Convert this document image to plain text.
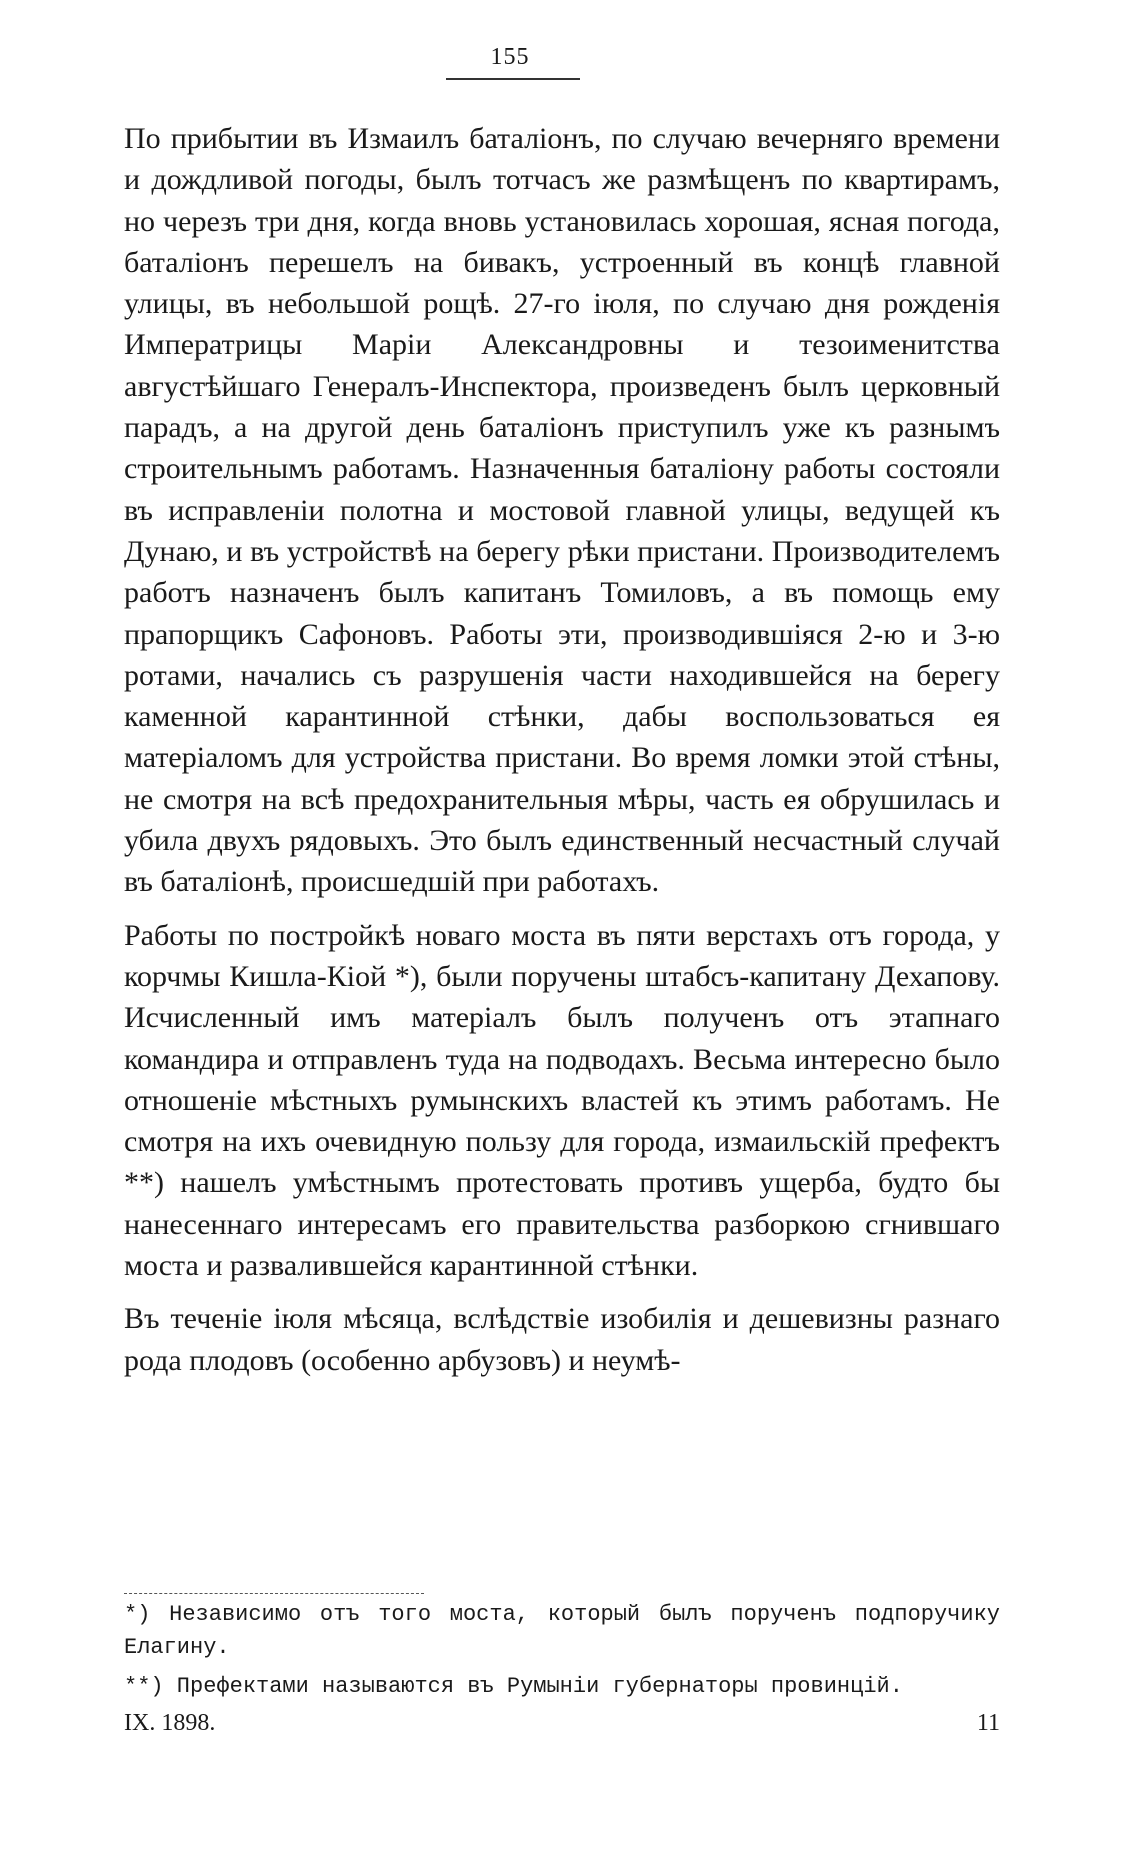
155

По прибытии въ Измаилъ баталіонъ, по случаю вечерняго времени и дождливой погоды, былъ тотчасъ же размѣщенъ по квартирамъ, но черезъ три дня, когда вновь установилась хорошая, ясная погода, баталіонъ перешелъ на бивакъ, устроенный въ концѣ главной улицы, въ небольшой рощѣ. 27-го іюля, по случаю дня рожденія Императрицы Маріи Александровны и тезоименитства августѣйшаго Генералъ-Инспектора, произведенъ былъ церковный парадъ, а на другой день баталіонъ приступилъ уже къ разнымъ строительнымъ работамъ. Назначенныя баталіону работы состояли въ исправленіи полотна и мостовой главной улицы, ведущей къ Дунаю, и въ устройствѣ на берегу рѣки пристани. Производителемъ работъ назначенъ былъ капитанъ Томиловъ, а въ помощь ему прапорщикъ Сафоновъ. Работы эти, производившіяся 2-ю и 3-ю ротами, начались съ разрушенія части находившейся на берегу каменной карантинной стѣнки, дабы воспользоваться ея матеріаломъ для устройства пристани. Во время ломки этой стѣны, не смотря на всѣ предохранительныя мѣры, часть ея обрушилась и убила двухъ рядовыхъ. Это былъ единственный несчастный случай въ баталіонѣ, происшедшій при работахъ.

Работы по постройкѣ новаго моста въ пяти верстахъ отъ города, у корчмы Кишла-Кіой *), были поручены штабсъ-капитану Дехапову. Исчисленный имъ матеріалъ былъ полученъ отъ этапнаго командира и отправленъ туда на подводахъ. Весьма интересно было отношеніе мѣстныхъ румынскихъ властей къ этимъ работамъ. Не смотря на ихъ очевидную пользу для города, измаильскій префектъ **) нашелъ умѣстнымъ протестовать противъ ущерба, будто бы нанесеннаго интересамъ его правительства разборкою сгнившаго моста и развалившейся карантинной стѣнки.

Въ теченіе іюля мѣсяца, вслѣдствіе изобилія и дешевизны разнаго рода плодовъ (особенно арбузовъ) и неумѣ-

*) Независимо отъ того моста, который былъ порученъ подпоручику Елагину.

**) Префектами называются въ Румыніи губернаторы провинцій.

IX. 1898.	11
